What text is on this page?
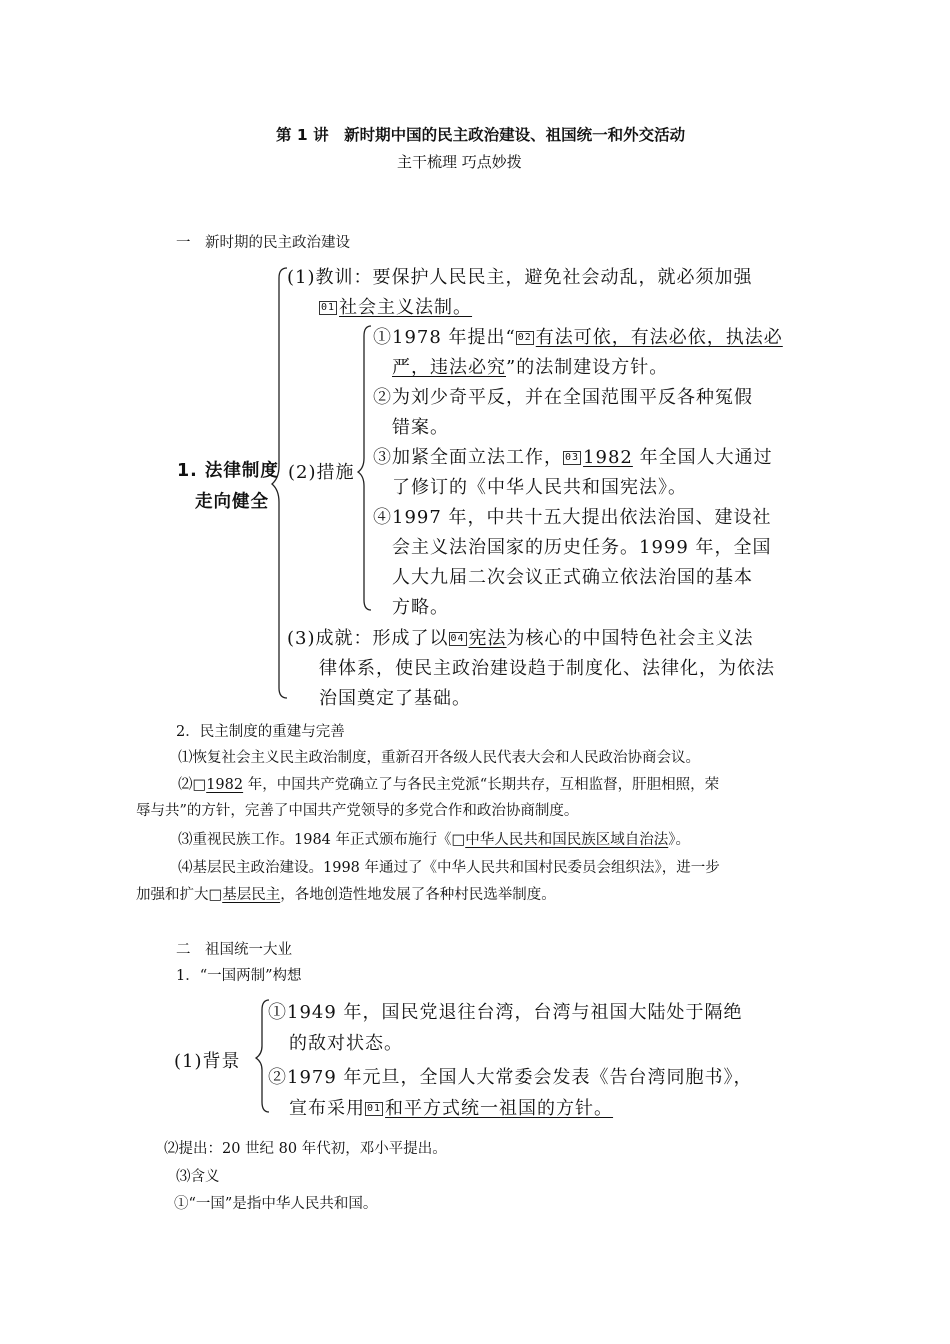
第 1 讲　新时期中国的民主政治建设、祖国统一和外交活动
主干梳理 巧点妙拨
一　新时期的民主政治建设
1. 法律制度
走向健全
(1)教训：要保护人民民主，避免社会动乱，就必须加强
01 社会主义法制。
(2)措施
①1978 年提出“ 02 有法可依，有法必依，执法必
严，违法必究”的法制建设方针。
②为刘少奇平反，并在全国范围平反各种冤假
错案。
③加紧全面立法工作， 03 1982 年全国人大通过
了修订的《中华人民共和国宪法》。
④1997 年，中共十五大提出依法治国、建设社
会主义法治国家的历史任务。1999 年，全国
人大九届二次会议正式确立依法治国的基本
方略。
(3)成就：形成了以 04 宪法为核心的中国特色社会主义法
律体系，使民主政治建设趋于制度化、法律化，为依法
治国奠定了基础。
2．民主制度的重建与完善
⑴恢复社会主义民主政治制度，重新召开各级人民代表大会和人民政治协商会议。
⑵□1982 年，中国共产党确立了与各民主党派“长期共存，互相监督，肝胆相照，荣
辱与共”的方针，完善了中国共产党领导的多党合作和政治协商制度。
⑶重视民族工作。1984 年正式颁布施行《□中华人民共和国民族区域自治法》。
⑷基层民主政治建设。1998 年通过了《中华人民共和国村民委员会组织法》，进一步
加强和扩大□基层民主，各地创造性地发展了各种村民选举制度。
二　祖国统一大业
1．“一国两制”构想
(1)背景
①1949 年，国民党退往台湾，台湾与祖国大陆处于隔绝
的敌对状态。
②1979 年元旦，全国人大常委会发表《告台湾同胞书》，
宣布采用 01 和平方式统一祖国的方针。
⑵提出：20 世纪 80 年代初，邓小平提出。
⑶含义
①“一国”是指中华人民共和国。
